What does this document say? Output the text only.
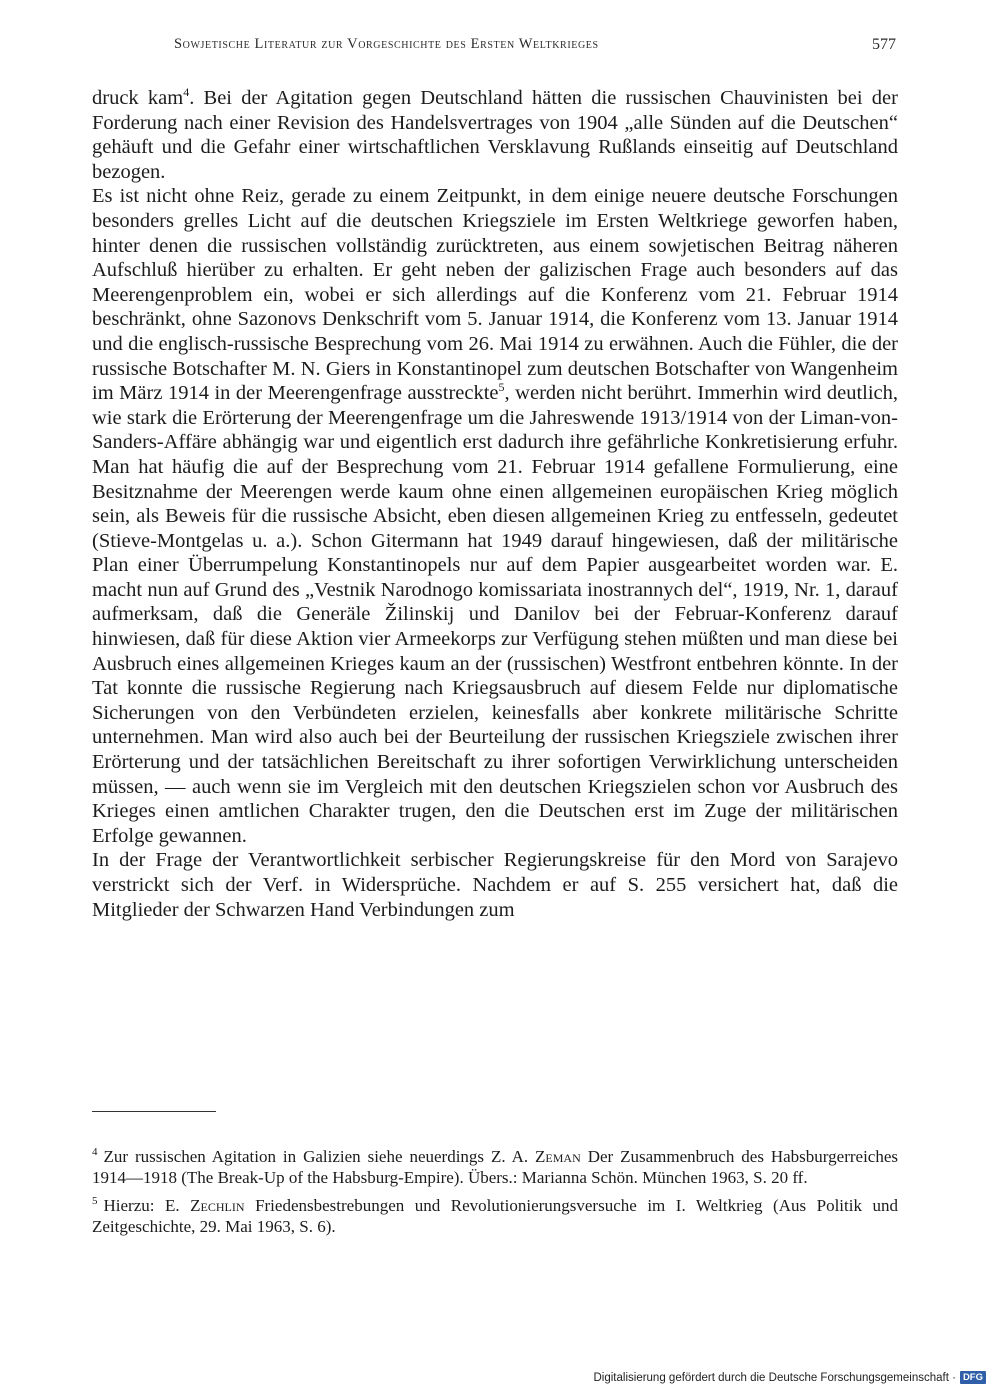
Sowjetische Literatur zur Vorgeschichte des Ersten Weltkrieges	577

druck kam$^4$. Bei der Agitation gegen Deutschland hätten die russischen Chauvinisten bei der Forderung nach einer Revision des Handelsvertrages von 1904 „alle Sünden auf die Deutschen“ gehäuft und die Gefahr einer wirtschaftlichen Versklavung Rußlands einseitig auf Deutschland bezogen.

Es ist nicht ohne Reiz, gerade zu einem Zeitpunkt, in dem einige neuere deutsche Forschungen besonders grelles Licht auf die deutschen Kriegsziele im Ersten Weltkriege geworfen haben, hinter denen die russischen vollständig zurücktreten, aus einem sowjetischen Beitrag näheren Aufschluß hierüber zu erhalten. Er geht neben der galizischen Frage auch besonders auf das Meerengenproblem ein, wobei er sich allerdings auf die Konferenz vom 21. Februar 1914 beschränkt, ohne Sazonovs Denkschrift vom 5. Januar 1914, die Konferenz vom 13. Januar 1914 und die englisch-russische Besprechung vom 26. Mai 1914 zu erwähnen. Auch die Fühler, die der russische Botschafter M. N. Giers in Konstantinopel zum deutschen Botschafter von Wangenheim im März 1914 in der Meerengenfrage ausstreckte$^5$, werden nicht berührt. Immerhin wird deutlich, wie stark die Erörterung der Meerengenfrage um die Jahreswende 1913/1914 von der Liman-von-Sanders-Affäre abhängig war und eigentlich erst dadurch ihre gefährliche Konkretisierung erfuhr. Man hat häufig die auf der Besprechung vom 21. Februar 1914 gefallene Formulierung, eine Besitznahme der Meerengen werde kaum ohne einen allgemeinen europäischen Krieg möglich sein, als Beweis für die russische Absicht, eben diesen allgemeinen Krieg zu entfesseln, gedeutet (Stieve-Montgelas u. a.). Schon Gitermann hat 1949 darauf hingewiesen, daß der militärische Plan einer Überrumpelung Konstantinopels nur auf dem Papier ausgearbeitet worden war. E. macht nun auf Grund des „Vestnik Narodnogo komissariata inostrannych del“, 1919, Nr. 1, darauf aufmerksam, daß die Generäle Žilinskij und Danilov bei der Februar-Konferenz darauf hinwiesen, daß für diese Aktion vier Armeekorps zur Verfügung stehen müßten und man diese bei Ausbruch eines allgemeinen Krieges kaum an der (russischen) Westfront entbehren könnte. In der Tat konnte die russische Regierung nach Kriegsausbruch auf diesem Felde nur diplomatische Sicherungen von den Verbündeten erzielen, keinesfalls aber konkrete militärische Schritte unternehmen. Man wird also auch bei der Beurteilung der russischen Kriegsziele zwischen ihrer Erörterung und der tatsächlichen Bereitschaft zu ihrer sofortigen Verwirklichung unterscheiden müssen, — auch wenn sie im Vergleich mit den deutschen Kriegszielen schon vor Ausbruch des Krieges einen amtlichen Charakter trugen, den die Deutschen erst im Zuge der militärischen Erfolge gewannen.

In der Frage der Verantwortlichkeit serbischer Regierungskreise für den Mord von Sarajevo verstrickt sich der Verf. in Widersprüche. Nachdem er auf S. 255 versichert hat, daß die Mitglieder der Schwarzen Hand Verbindungen zum

$^4$ Zur russischen Agitation in Galizien siehe neuerdings Z. A. Zeman Der Zusammenbruch des Habsburgerreiches 1914—1918 (The Break-Up of the Habsburg-Empire). Übers.: Marianna Schön. München 1963, S. 20 ff.

$^5$ Hierzu: E. Zechlin Friedensbestrebungen und Revolutionierungsversuche im I. Weltkrieg (Aus Politik und Zeitgeschichte, 29. Mai 1963, S. 6).

Digitalisierung gefördert durch die Deutsche Forschungsgemeinschaft · DFG
